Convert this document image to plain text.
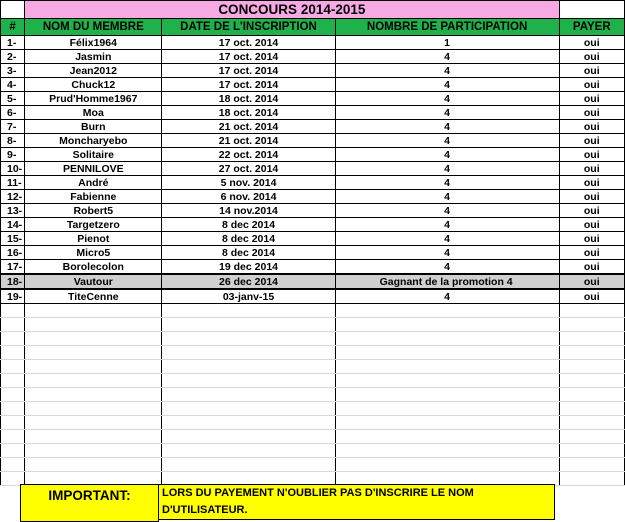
	CONCOURS 2014-2015			
#	NOM DU MEMBRE	DATE DE L'INSCRIPTION	NOMBRE DE PARTICIPATION	PAYER
1-	Félix1964	17 oct. 2014	1	oui
2-	Jasmin	17 oct. 2014	4	oui
3-	Jean2012	17 oct. 2014	4	oui
4-	Chuck12	17 oct. 2014	4	oui
5-	Prud'Homme1967	18 oct. 2014	4	oui
6-	Moa	18 oct. 2014	4	oui
7-	Burn	21 oct. 2014	4	oui
8-	Moncharyebo	21 oct. 2014	4	oui
9-	Solitaire	22 oct. 2014	4	oui
10-	PENNILOVE	27 oct. 2014	4	oui
11-	André	5 nov. 2014	4	oui
12-	Fabienne	6 nov. 2014	4	oui
13-	Robert5	14 nov.2014	4	oui
14-	Targetzero	8 dec 2014	4	oui
15-	Pienot	8 dec 2014	4	oui
16-	Micro5	8 dec 2014	4	oui
17-	Borolecolon	19 dec 2014	4	oui
18-	Vautour	26 dec 2014	Gagnant de la promotion 4	oui
19-	TiteCenne	03-janv-15	4	oui

IMPORTANT:	LORS DU PAYEMENT N'OUBLIER PAS D'INSCRIRE LE NOM D'UTILISATEUR.
